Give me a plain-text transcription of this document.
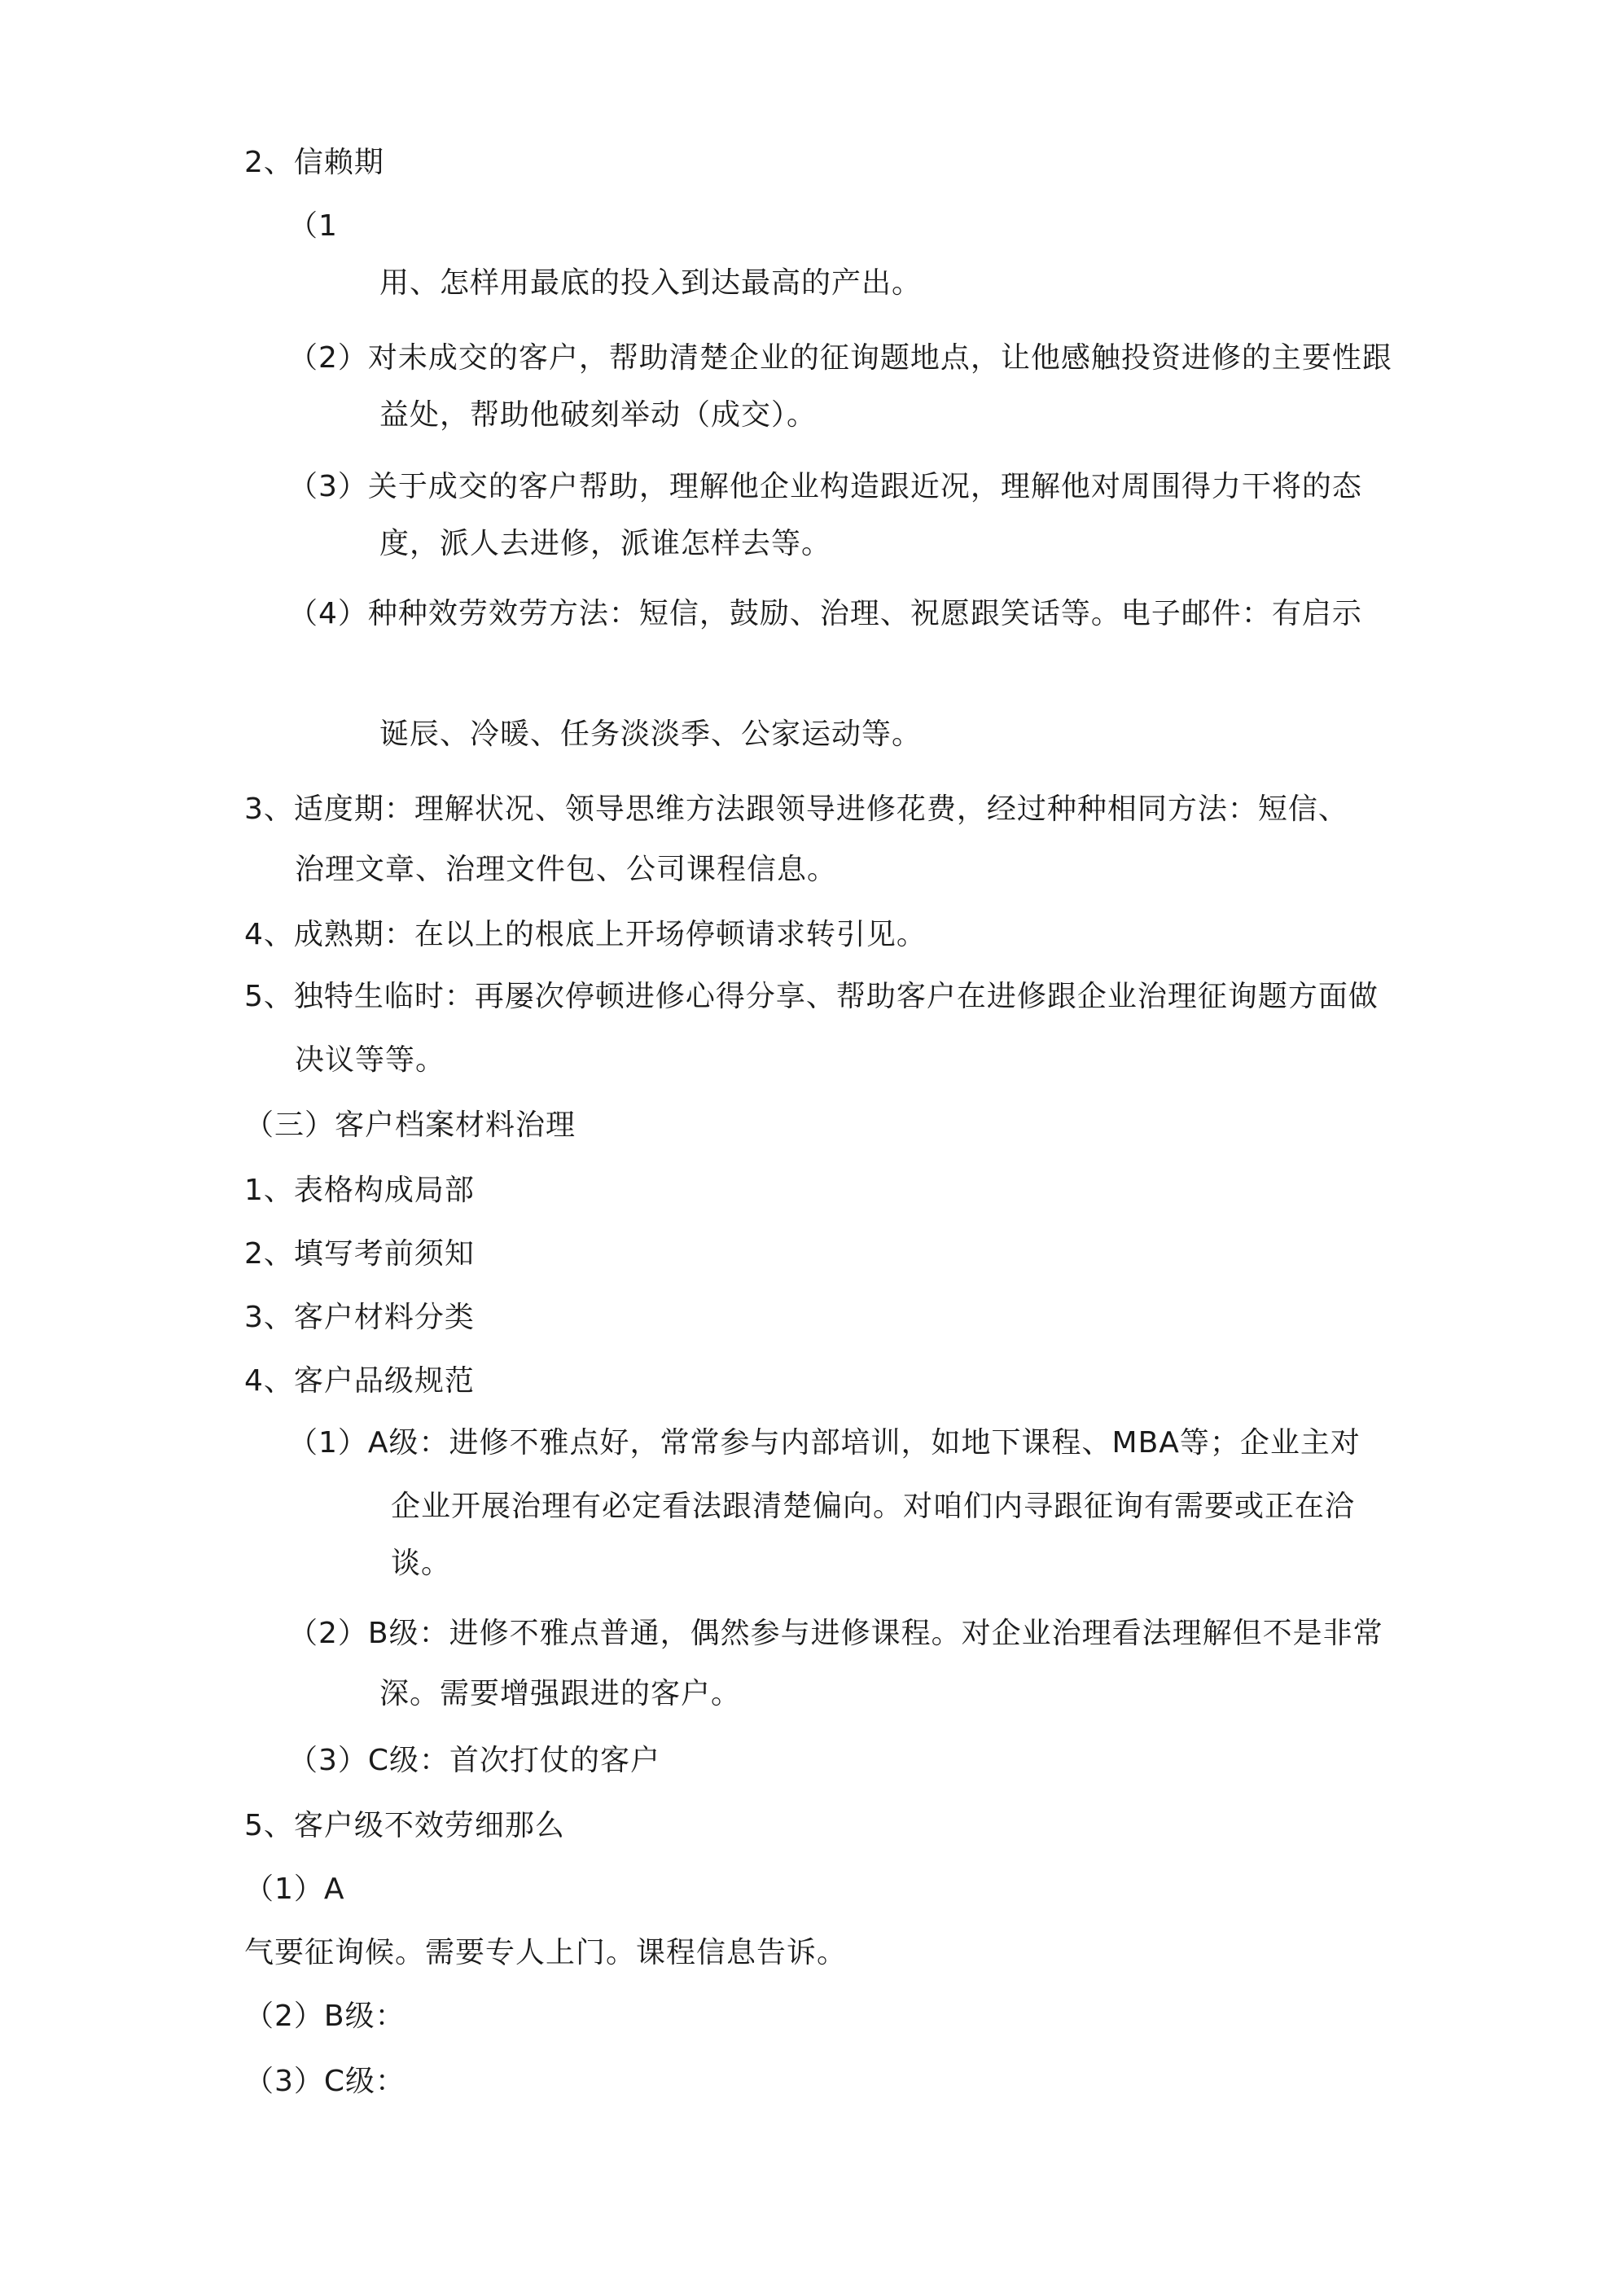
2、信赖期
（1
用、怎样用最底的投入到达最高的产出。
（2）对未成交的客户，帮助清楚企业的征询题地点，让他感触投资进修的主要性跟
益处，帮助他破刻举动（成交）。
（3）关于成交的客户帮助，理解他企业构造跟近况，理解他对周围得力干将的态
度，派人去进修，派谁怎样去等。
（4）种种效劳效劳方法：短信，鼓励、治理、祝愿跟笑话等。电子邮件：有启示
诞辰、冷暖、任务淡淡季、公家运动等。
3、适度期：理解状况、领导思维方法跟领导进修花费，经过种种相同方法：短信、
治理文章、治理文件包、公司课程信息。
4、成熟期：在以上的根底上开场停顿请求转引见。
5、独特生临时：再屡次停顿进修心得分享、帮助客户在进修跟企业治理征询题方面做
决议等等。
（三）客户档案材料治理
1、表格构成局部
2、填写考前须知
3、客户材料分类
4、客户品级规范
（1）A级：进修不雅点好，常常参与内部培训，如地下课程、MBA等；企业主对
企业开展治理有必定看法跟清楚偏向。对咱们内寻跟征询有需要或正在洽
谈。
（2）B级：进修不雅点普通，偶然参与进修课程。对企业治理看法理解但不是非常
深。需要增强跟进的客户。
（3）C级：首次打仗的客户
5、客户级不效劳细那么
（1）A
气要征询候。需要专人上门。课程信息告诉。
（2）B级：
（3）C级：
